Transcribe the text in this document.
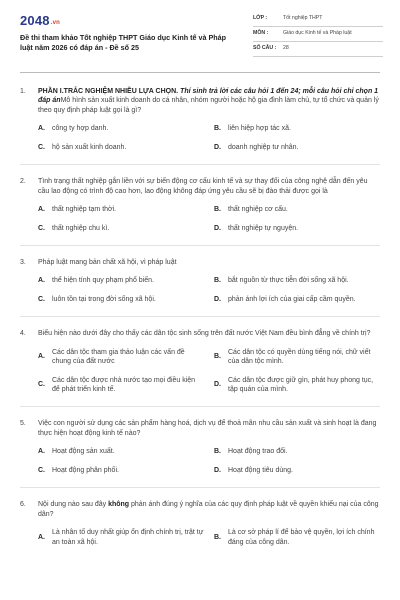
2048.vn
Đề thi tham khảo Tốt nghiệp THPT Giáo dục Kinh tế và Pháp luật năm 2026 có đáp án - Đề số 25
LỚP :	Tốt nghiệp THPT
MÔN :	Giáo dục Kinh tế và Pháp luật
SỐ CÂU :	28
1.	PHẦN I.TRẮC NGHIỆM NHIỀU LỰA CHỌN. Thí sinh trả lời các câu hỏi 1 đến 24; mỗi câu hỏi chỉ chọn 1 đáp ánMô hình sản xuất kinh doanh do cá nhân, nhóm người hoặc hộ gia đình làm chủ, tự tổ chức và quản lý theo quy định pháp luật gọi là gì?
A.	công ty hợp danh.	B.	liên hiệp hợp tác xã.
C.	hộ sản xuất kinh doanh.	D.	doanh nghiệp tư nhân.
2.	Tình trạng thất nghiệp gắn liền với sự biến động cơ cấu kinh tế và sự thay đổi của công nghệ dẫn đến yêu cầu lao động có trình độ cao hơn, lao động không đáp ứng yêu cầu sẽ bị đào thải được gọi là
A.	thất nghiệp tạm thời.	B.	thất nghiệp cơ cấu.
C.	thất nghiệp chu kì.	D.	thất nghiệp tự nguyện.
3.	Pháp luật mang bản chất xã hội, vì pháp luật
A.	thể hiện tính quy phạm phổ biến.	B.	bắt nguồn từ thực tiễn đời sống xã hội.
C.	luôn tồn tại trong đời sống xã hội.	D.	phản ánh lợi ích của giai cấp cầm quyền.
4.	Biểu hiện nào dưới đây cho thấy các dân tộc sinh sống trên đất nước Việt Nam đều bình đẳng về chính trị?
A.
Các dân tộc tham gia thảo luận các vấn đề chung của đất nước
B.
Các dân tộc có quyền dùng tiếng nói, chữ viết của dân tộc mình.
C.
Các dân tộc được nhà nước tạo mọi điều kiện để phát triển kinh tế.
D.
Các dân tộc được giữ gìn, phát huy phong tục, tập quán của mình.
5.	Việc con người sử dụng các sản phẩm hàng hoá, dịch vụ để thoả mãn nhu cầu sản xuất và sinh hoạt là đang thực hiện hoạt động kinh tế nào?
A.	Hoạt động sản xuất.	B.	Hoạt động trao đổi.
C.	Hoạt động phân phối.	D.	Hoạt động tiêu dùng.
6.	Nội dung nào sau đây không phản ánh đúng ý nghĩa của các quy định pháp luật về quyền khiếu nại của công dân?
A.
Là nhân tố duy nhất giúp ổn định chính trị, trật tự an toàn xã hội.
B.
Là cơ sở pháp lí để bảo vệ quyền, lợi ích chính đáng của công dân.
